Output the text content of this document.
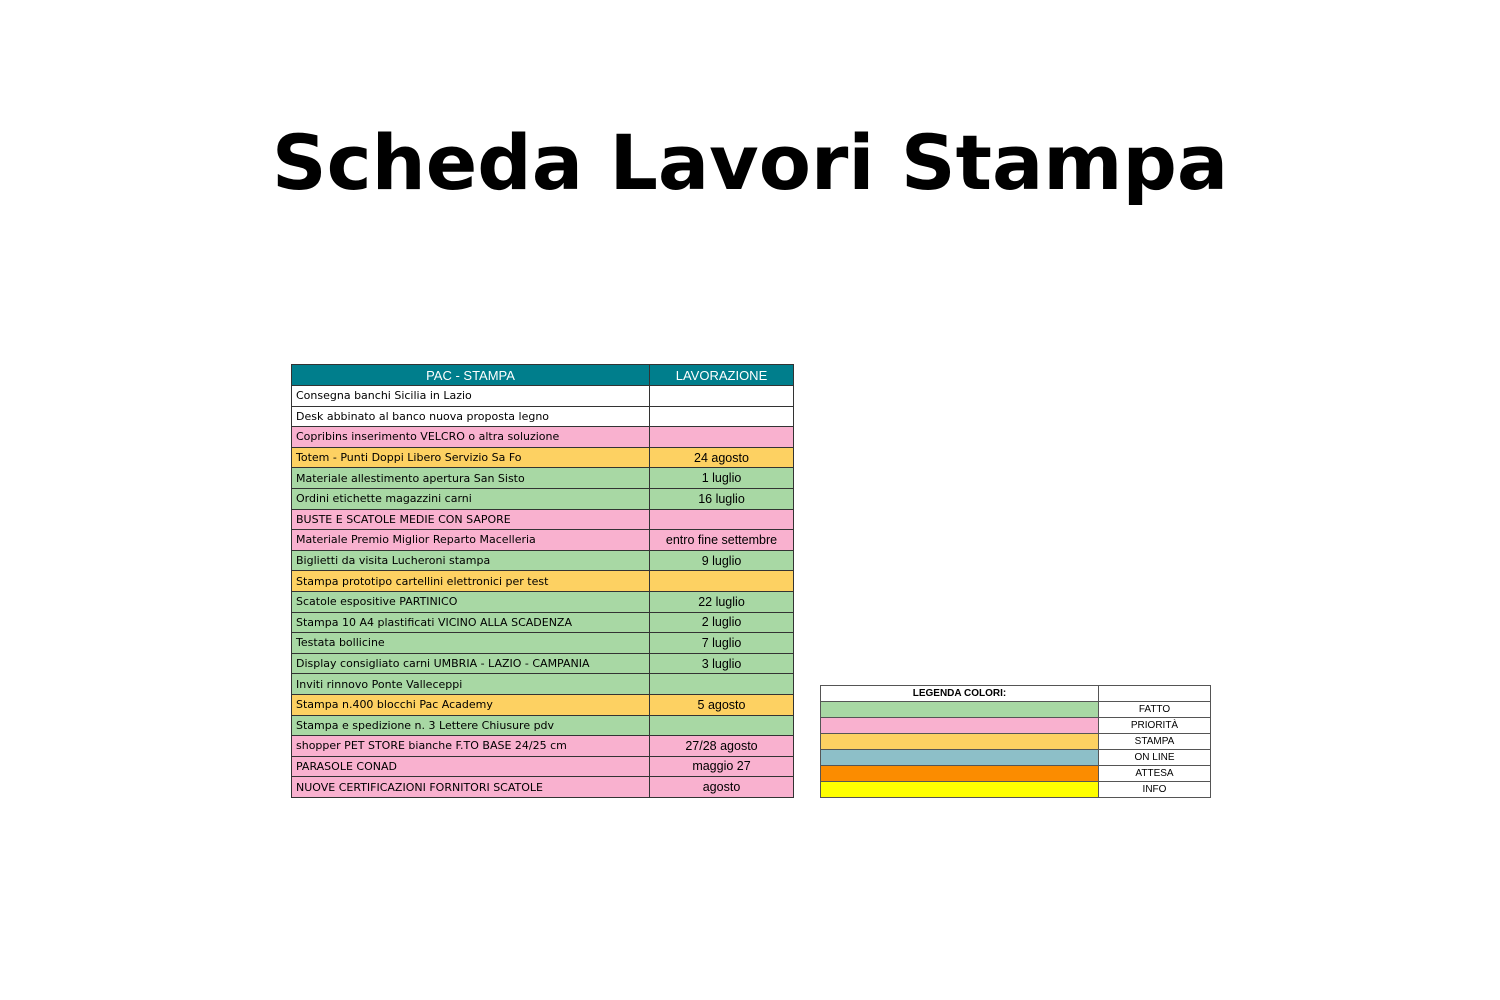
Scheda Lavori Stampa
PAC - STAMPA	LAVORAZIONE
Consegna banchi Sicilia in Lazio	
Desk abbinato al banco nuova proposta legno	
Copribins inserimento VELCRO o altra soluzione	
Totem - Punti Doppi Libero Servizio Sa Fo	24 agosto
Materiale allestimento apertura San Sisto	1 luglio
Ordini etichette magazzini carni	16 luglio
BUSTE E SCATOLE MEDIE CON SAPORE	
Materiale Premio Miglior Reparto Macelleria	entro fine settembre
Biglietti da visita Lucheroni stampa	9 luglio
Stampa prototipo cartellini elettronici per test	
Scatole espositive PARTINICO	22 luglio
Stampa 10 A4 plastificati VICINO ALLA SCADENZA	2 luglio
Testata bollicine	7 luglio
Display consigliato carni UMBRIA - LAZIO - CAMPANIA	3 luglio
Inviti rinnovo Ponte Valleceppi	
Stampa n.400 blocchi Pac Academy	5 agosto
Stampa e spedizione n. 3 Lettere Chiusure pdv	
shopper PET STORE bianche F.TO BASE 24/25 cm	27/28 agosto
PARASOLE CONAD	maggio 27
NUOVE CERTIFICAZIONI FORNITORI SCATOLE	agosto
LEGENDA COLORI:	
	FATTO
	PRIORITÀ
	STAMPA
	ON LINE
	ATTESA
	INFO
